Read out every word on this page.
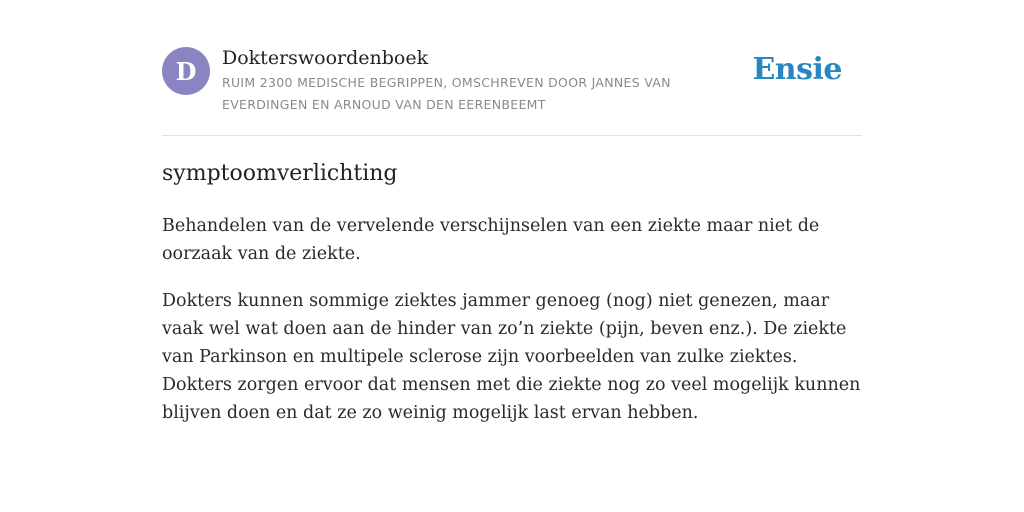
D	Dokterswoordenboek
RUIM 2300 MEDISCHE BEGRIPPEN, OMSCHREVEN DOOR JANNES VAN EVERDINGEN EN ARNOUD VAN DEN EERENBEEMT
Ensie
symptoomverlichting

Behandelen van de vervelende verschijnselen van een ziekte maar niet de oorzaak van de ziekte.

Dokters kunnen sommige ziektes jammer genoeg (nog) niet genezen, maar vaak wel wat doen aan de hinder van zo’n ziekte (pijn, beven enz.). De ziekte van Parkinson en multipele sclerose zijn voorbeelden van zulke ziektes. Dokters zorgen ervoor dat mensen met die ziekte nog zo veel mogelijk kunnen blijven doen en dat ze zo weinig mogelijk last ervan hebben.
